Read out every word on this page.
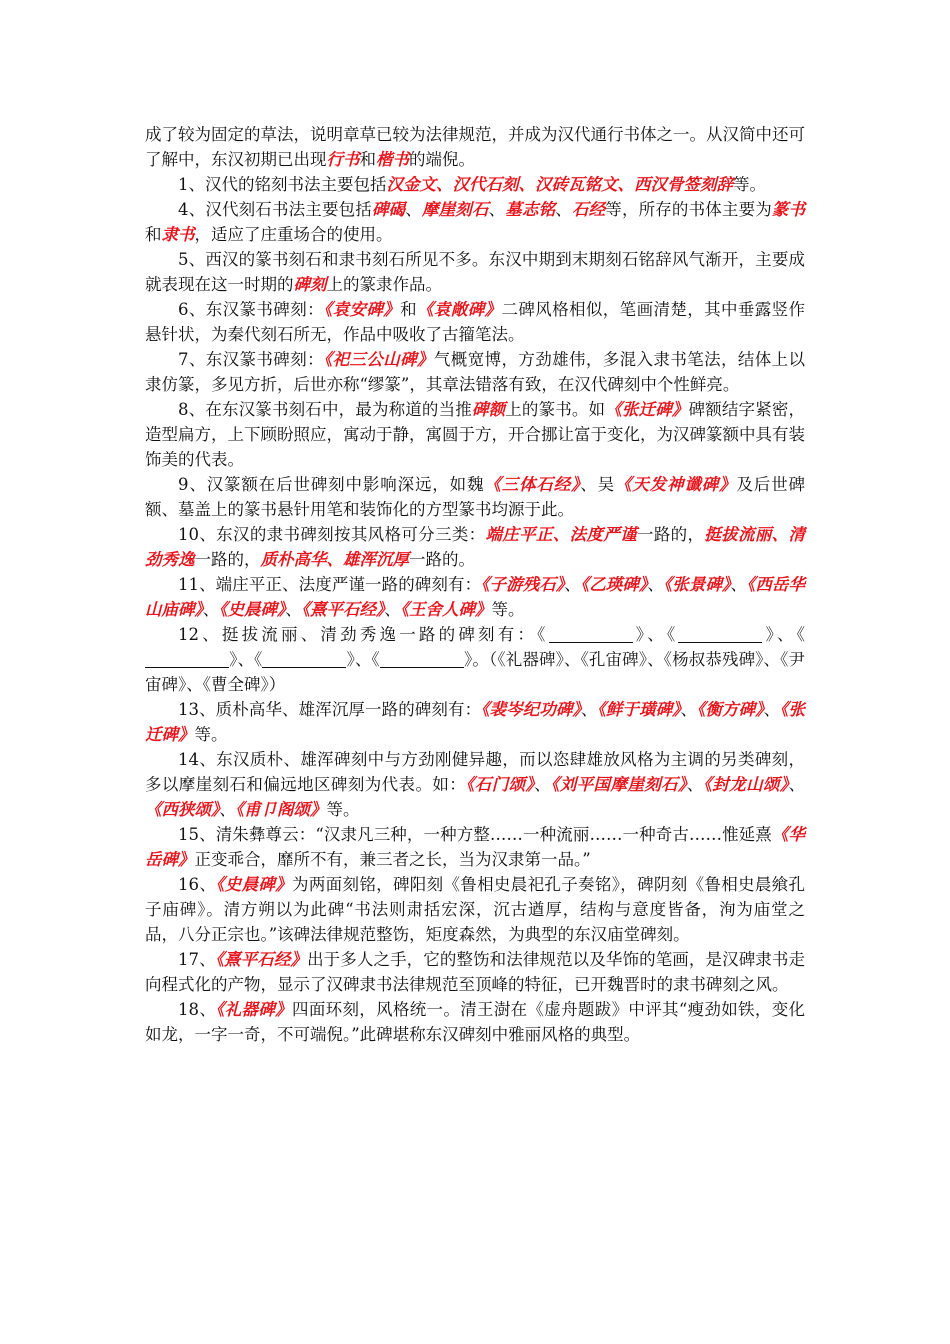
成了较为固定的草法，说明章草已较为法律规范，并成为汉代通行书体之一。从汉简中还可了解中，东汉初期已出现行书和楷书的端倪。

1、汉代的铭刻书法主要包括汉金文、汉代石刻、汉砖瓦铭文、西汉骨签刻辞等。

4、汉代刻石书法主要包括碑碣、摩崖刻石、墓志铭、石经等，所存的书体主要为篆书和隶书，适应了庄重场合的使用。

5、西汉的篆书刻石和隶书刻石所见不多。东汉中期到末期刻石铭辞风气渐开，主要成就表现在这一时期的碑刻上的篆隶作品。

6、东汉篆书碑刻：《袁安碑》和《袁敞碑》二碑风格相似，笔画清楚，其中垂露竖作悬针状，为秦代刻石所无，作品中吸收了古籀笔法。

7、东汉篆书碑刻：《祀三公山碑》气概宽博，方劲雄伟，多混入隶书笔法，结体上以隶仿篆，多见方折，后世亦称“缪篆”，其章法错落有致，在汉代碑刻中个性鲜亮。

8、在东汉篆书刻石中，最为称道的当推碑额上的篆书。如《张迁碑》碑额结字紧密，造型扁方，上下顾盼照应，寓动于静，寓圆于方，开合挪让富于变化，为汉碑篆额中具有装饰美的代表。

9、汉篆额在后世碑刻中影响深远，如魏《三体石经》、吴《天发神谶碑》及后世碑额、墓盖上的篆书悬针用笔和装饰化的方型篆书均源于此。

10、东汉的隶书碑刻按其风格可分三类：端庄平正、法度严谨一路的，挺拔流丽、清劲秀逸一路的，质朴高华、雄浑沉厚一路的。

11、端庄平正、法度严谨一路的碑刻有：《子游残石》、《乙瑛碑》、《张景碑》、《西岳华山庙碑》、《史晨碑》、《熹平石经》、《王舍人碑》等。

12、挺拔流丽、清劲秀逸一路的碑刻有：《	》、《	》、《》、《	》、《	》。（《礼器碑》、《孔宙碑》、《杨叔恭残碑》、《尹宙碑》、《曹全碑》）

13、质朴高华、雄浑沉厚一路的碑刻有：《裴岑纪功碑》、《鲜于璜碑》、《衡方碑》、《张迁碑》等。

14、东汉质朴、雄浑碑刻中与方劲刚健异趣，而以恣肆雄放风格为主调的另类碑刻，多以摩崖刻石和偏远地区碑刻为代表。如：《石门颂》、《刘平国摩崖刻石》、《封龙山颂》、《西狭颂》、《甫卩阁颂》等。

15、清朱彝尊云：“汉隶凡三种，一种方整……一种流丽……一种奇古……惟延熹《华岳碑》正变乖合，靡所不有，兼三者之长，当为汉隶第一品。”

16、《史晨碑》为两面刻铭，碑阳刻《鲁相史晨祀孔子奏铭》，碑阴刻《鲁相史晨飨孔子庙碑》。清方朔以为此碑“书法则肃括宏深，沉古遒厚，结构与意度皆备，洵为庙堂之品，八分正宗也。”该碑法律规范整饬，矩度森然，为典型的东汉庙堂碑刻。

17、《熹平石经》出于多人之手，它的整饬和法律规范以及华饰的笔画，是汉碑隶书走向程式化的产物，显示了汉碑隶书法律规范至顶峰的特征，已开魏晋时的隶书碑刻之风。

18、《礼器碑》四面环刻，风格统一。清王澍在《虚舟题跋》中评其“瘦劲如铁，变化如龙，一字一奇，不可端倪。”此碑堪称东汉碑刻中雅丽风格的典型。
